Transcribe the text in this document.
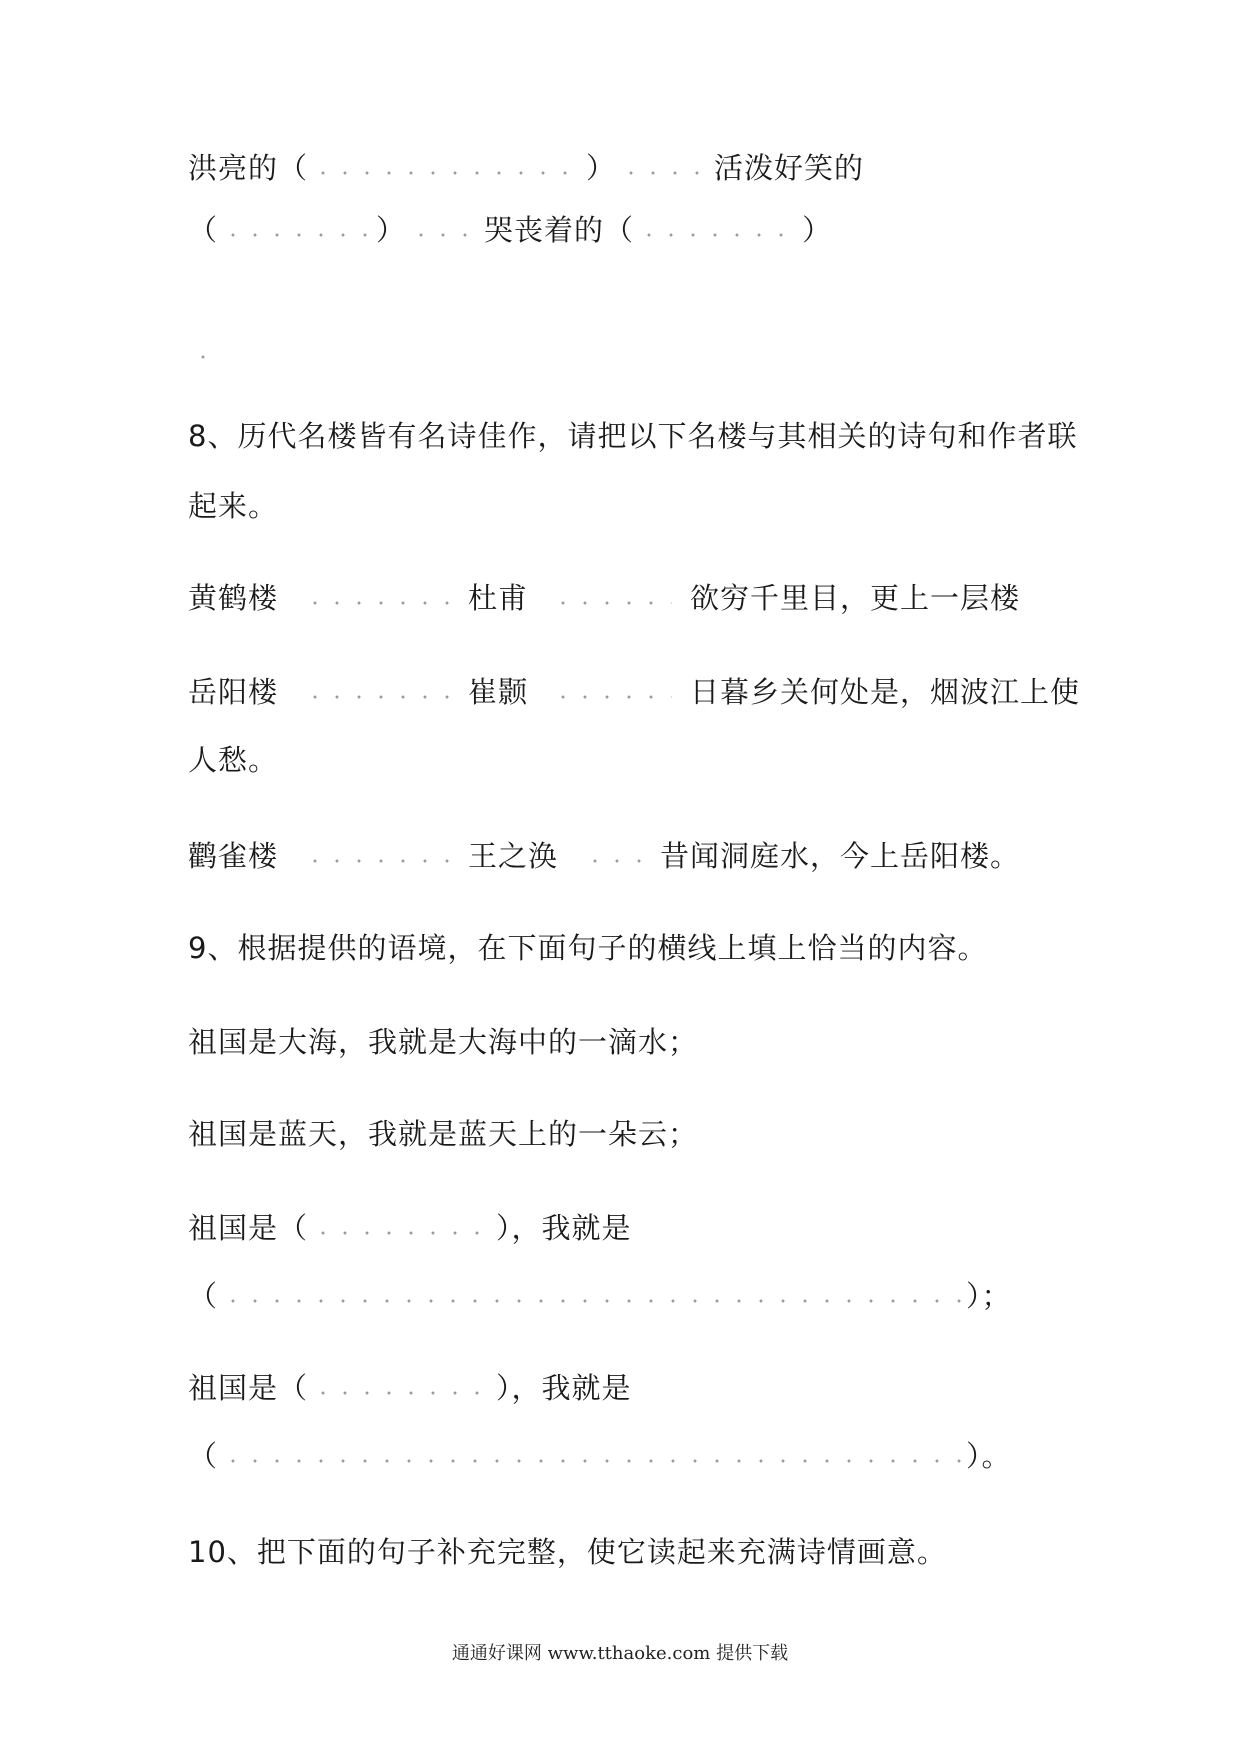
洪亮的（	）	活泼好笑的
（	）	哭丧着的（	）
8、历代名楼皆有名诗佳作，请把以下名楼与其相关的诗句和作者联
起来。
黄鹤楼	杜甫	欲穷千里目，更上一层楼
岳阳楼	崔颢	日暮乡关何处是，烟波江上使
人愁。
鹳雀楼	王之涣	昔闻洞庭水，今上岳阳楼。
9、根据提供的语境，在下面句子的横线上填上恰当的内容。
祖国是大海，我就是大海中的一滴水；
祖国是蓝天，我就是蓝天上的一朵云；
祖国是（	），我就是
（	）；
祖国是（	），我就是
（	）。
10、把下面的句子补充完整，使它读起来充满诗情画意。
通通好课网 www.tthaoke.com 提供下载
